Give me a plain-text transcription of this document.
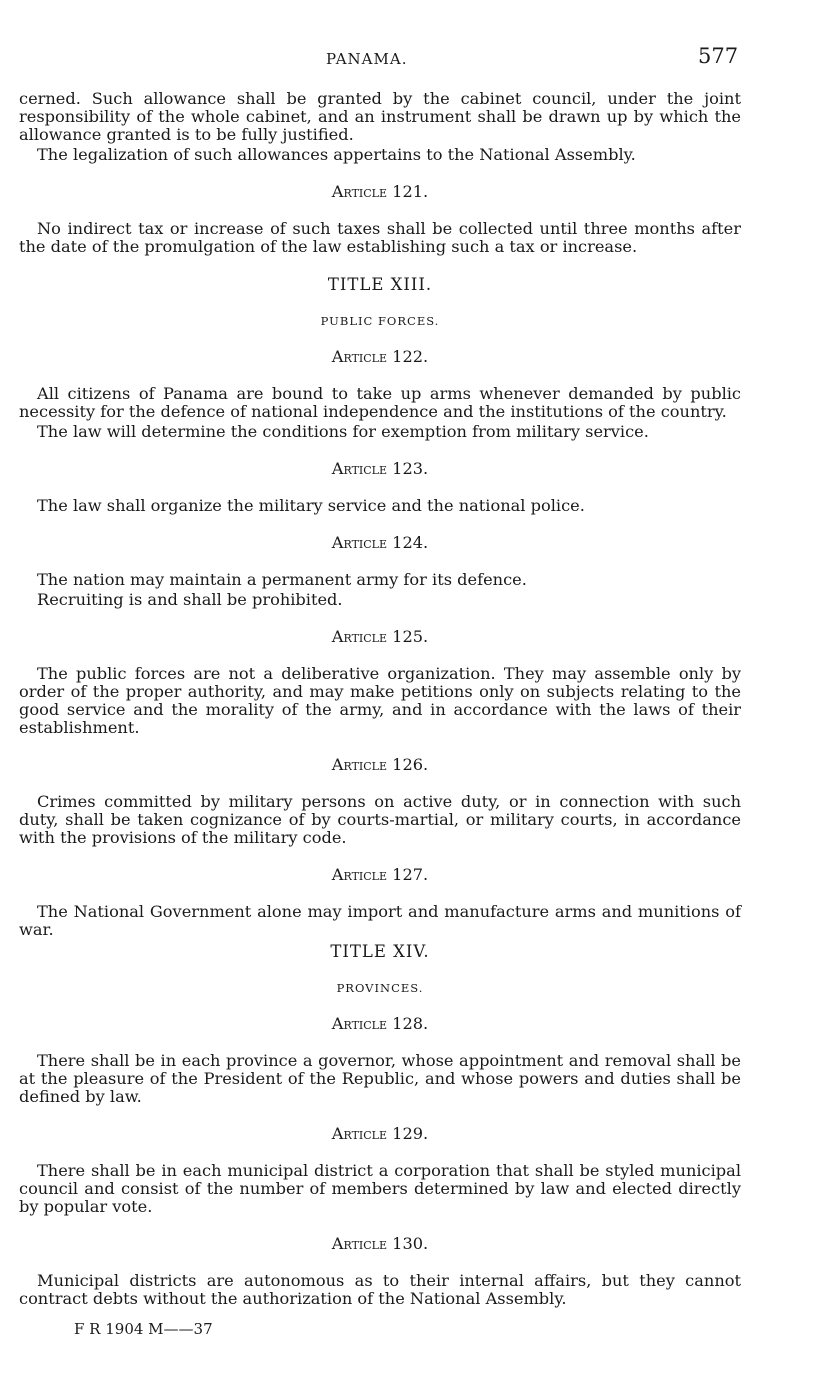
PANAMA.	577

cerned. Such allowance shall be granted by the cabinet council, under the joint responsibility of the whole cabinet, and an instrument shall be drawn up by which the allowance granted is to be fully justified.

The legalization of such allowances appertains to the National Assembly.

Article 121.

No indirect tax or increase of such taxes shall be collected until three months after the date of the promulgation of the law establishing such a tax or increase.

TITLE XIII.
PUBLIC FORCES.
Article 122.

All citizens of Panama are bound to take up arms whenever demanded by public necessity for the defence of national independence and the institutions of the country.

The law will determine the conditions for exemption from military service.

Article 123.

The law shall organize the military service and the national police.

Article 124.

The nation may maintain a permanent army for its defence.

Recruiting is and shall be prohibited.

Article 125.

The public forces are not a deliberative organization. They may assemble only by order of the proper authority, and may make petitions only on subjects relating to the good service and the morality of the army, and in accordance with the laws of their establishment.

Article 126.

Crimes committed by military persons on active duty, or in connection with such duty, shall be taken cognizance of by courts-martial, or military courts, in accordance with the provisions of the military code.

Article 127.

The National Government alone may import and manufacture arms and munitions of war.

TITLE XIV.
PROVINCES.
Article 128.

There shall be in each province a governor, whose appointment and removal shall be at the pleasure of the President of the Republic, and whose powers and duties shall be defined by law.

Article 129.

There shall be in each municipal district a corporation that shall be styled municipal council and consist of the number of members determined by law and elected directly by popular vote.

Article 130.

Municipal districts are autonomous as to their internal affairs, but they cannot contract debts without the authorization of the National Assembly.

F R 1904 M——37
